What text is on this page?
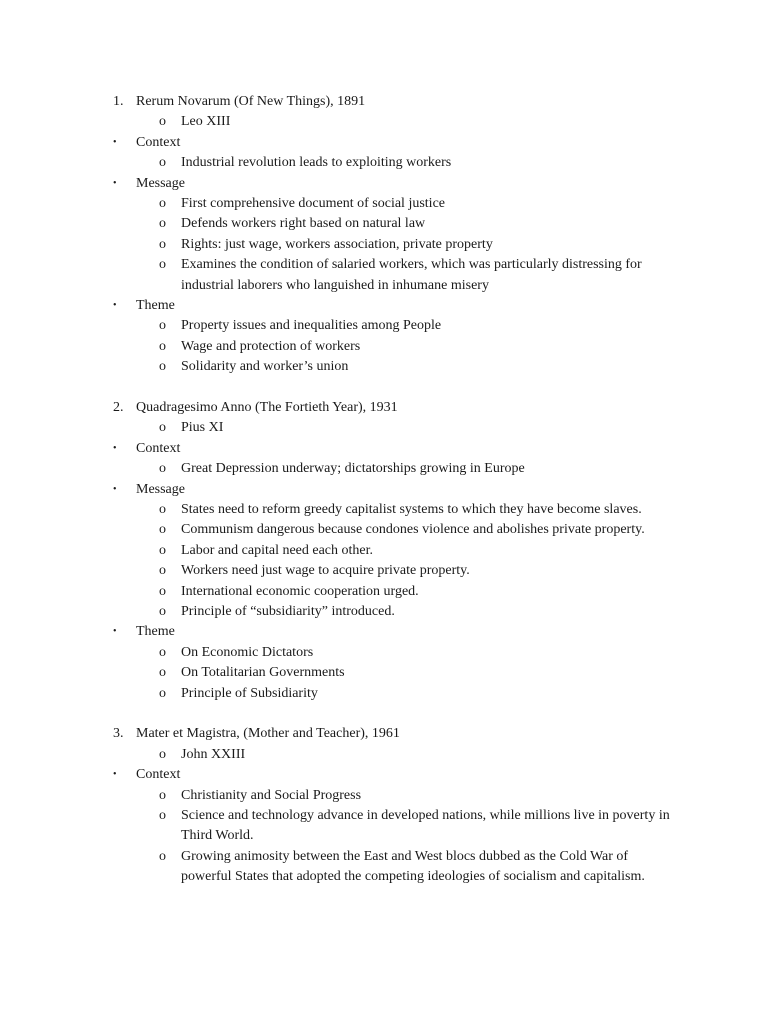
1. Rerum Novarum (Of New Things), 1891
o Leo XIII
• Context
o Industrial revolution leads to exploiting workers
• Message
o First comprehensive document of social justice
o Defends workers right based on natural law
o Rights: just wage, workers association, private property
o Examines the condition of salaried workers, which was particularly distressing for industrial laborers who languished in inhumane misery
• Theme
o Property issues and inequalities among People
o Wage and protection of workers
o Solidarity and worker’s union
2. Quadragesimo Anno (The Fortieth Year), 1931
o Pius XI
• Context
o Great Depression underway; dictatorships growing in Europe
• Message
o States need to reform greedy capitalist systems to which they have become slaves.
o Communism dangerous because condones violence and abolishes private property.
o Labor and capital need each other.
o Workers need just wage to acquire private property.
o International economic cooperation urged.
o Principle of “subsidiarity” introduced.
• Theme
o On Economic Dictators
o On Totalitarian Governments
o Principle of Subsidiarity
3. Mater et Magistra, (Mother and Teacher), 1961
o John XXIII
• Context
o Christianity and Social Progress
o Science and technology advance in developed nations, while millions live in poverty in Third World.
o Growing animosity between the East and West blocs dubbed as the Cold War of powerful States that adopted the competing ideologies of socialism and capitalism.
